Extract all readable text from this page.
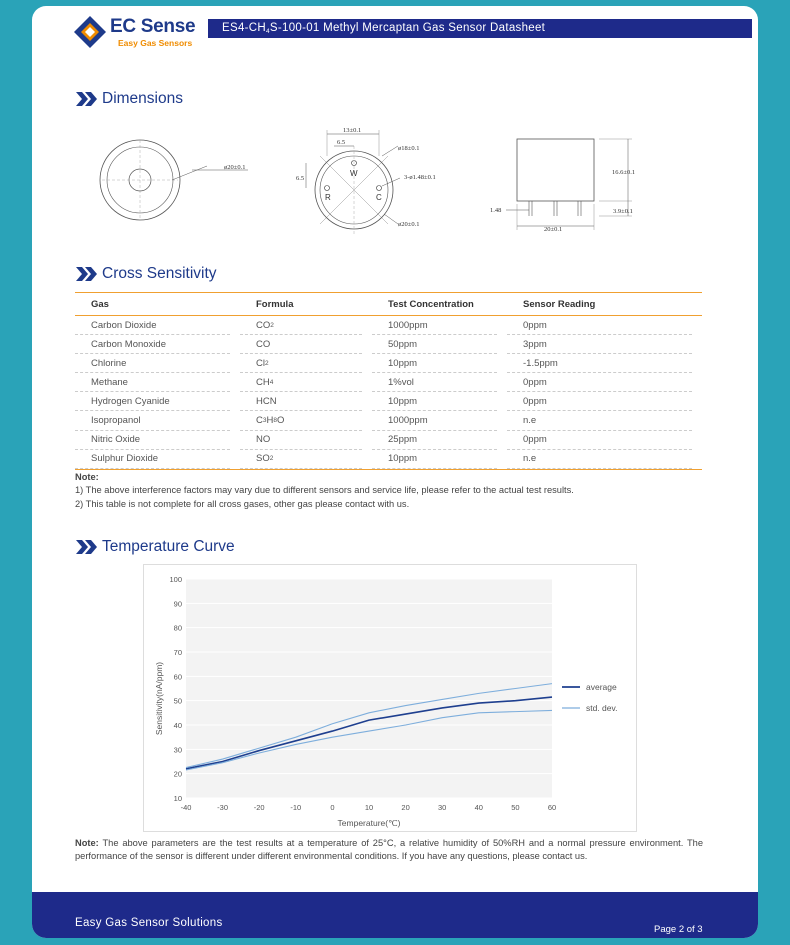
EC Sense
Easy Gas Sensors
$ES4-CH_4S-100-01$ Methyl Mercaptan Gas Sensor Datasheet
Dimensions
ø20±0.1
W
R	C
13±0.1
6.5
ø18±0.1
6.5	3-ø1.48±0.1
ø20±0.1
16.6±0.1
1.48	3.9±0.1
20±0.1
Cross Sensitivity
Gas	Formula	Test Concentration	Sensor Reading
Carbon Dioxide	CO 2	1000ppm	0ppm
Carbon Monoxide	CO	50ppm	3ppm
Chlorine	Cl 2	10ppm	-1.5ppm
Methane	CH 4	1%vol	0ppm
Hydrogen Cyanide	HCN	10ppm	0ppm
Isopropanol	C 3 H 8 O	1000ppm	n.e
Nitric Oxide	NO	25ppm	0ppm
Sulphur Dioxide	SO 2	10ppm	n.e
Note:
1) The above interference factors may vary due to different sensors and service life, please refer to the actual test results.
2) This table is not complete for all cross gases, other gas please contact with us.
Temperature Curve
10
20
30
40
50
60
70
80
90
100
-40	-30	-20	-10	0	10	20	30	40	50	60
Temperature(℃)
Sensitivity(nA/ppm)	average
std. dev.
Note: The above parameters are the test results at a temperature of 25°C, a relative humidity of 50%RH and a normal pressure environment. The performance of the sensor is different under different environmental conditions. If you have any questions, please contact us.
Easy Gas Sensor Solutions
Page 2 of 3
